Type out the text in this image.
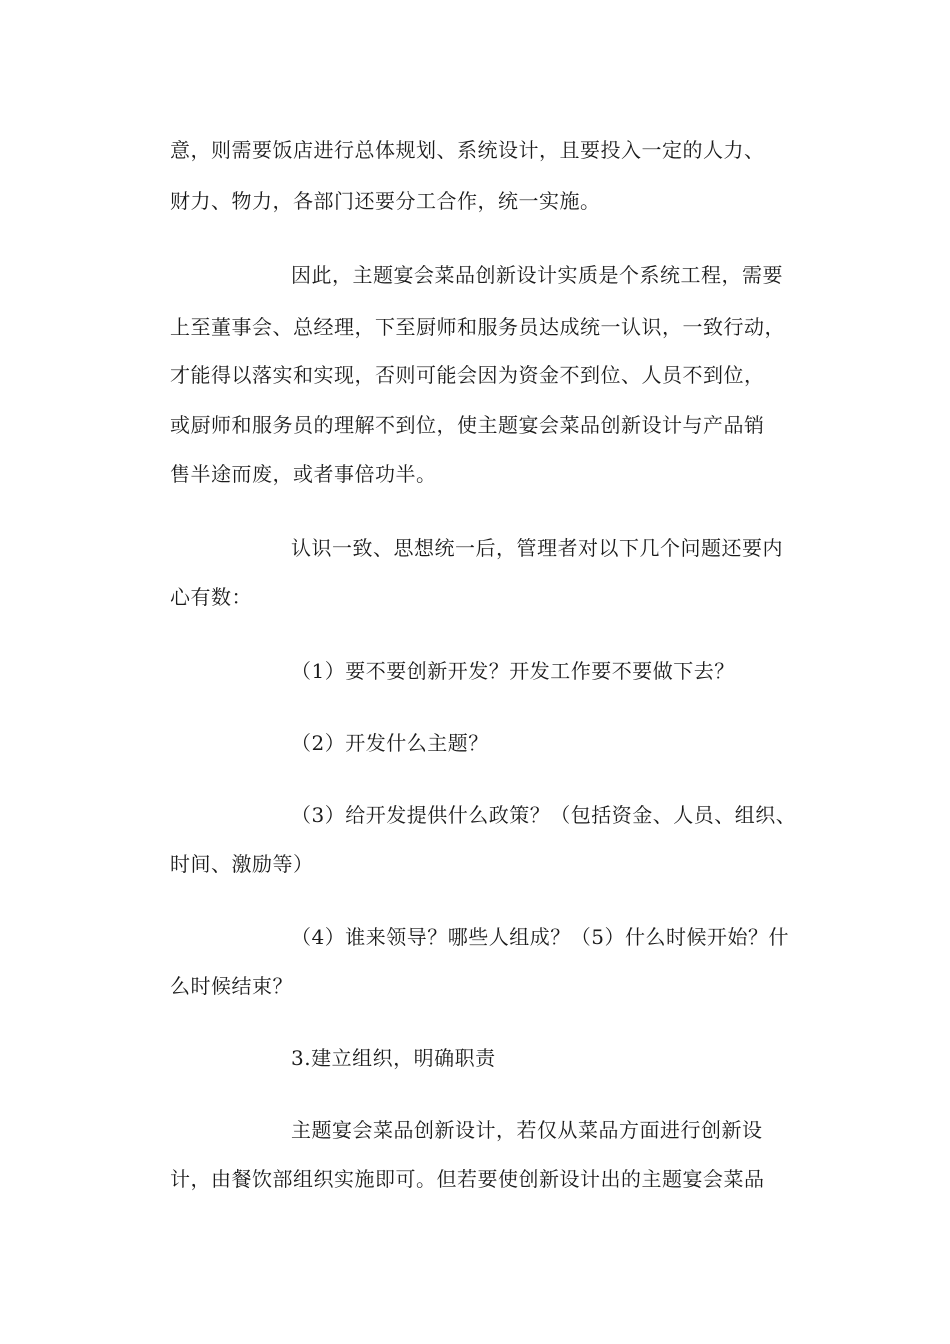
意，则需要饭店进行总体规划、系统设计，且要投入一定的人力、
财力、物力，各部门还要分工合作，统一实施。
因此，主题宴会菜品创新设计实质是个系统工程，需要
上至董事会、总经理，下至厨师和服务员达成统一认识，一致行动，
才能得以落实和实现，否则可能会因为资金不到位、人员不到位，
或厨师和服务员的理解不到位，使主题宴会菜品创新设计与产品销
售半途而废，或者事倍功半。
认识一致、思想统一后，管理者对以下几个问题还要内
心有数：
（1）要不要创新开发？开发工作要不要做下去？
（2）开发什么主题？
（3）给开发提供什么政策？（包括资金、人员、组织、
时间、激励等）
（4）谁来领导？哪些人组成？（5）什么时候开始？什
么时候结束？
3.建立组织，明确职责
主题宴会菜品创新设计，若仅从菜品方面进行创新设
计，由餐饮部组织实施即可。但若要使创新设计出的主题宴会菜品
